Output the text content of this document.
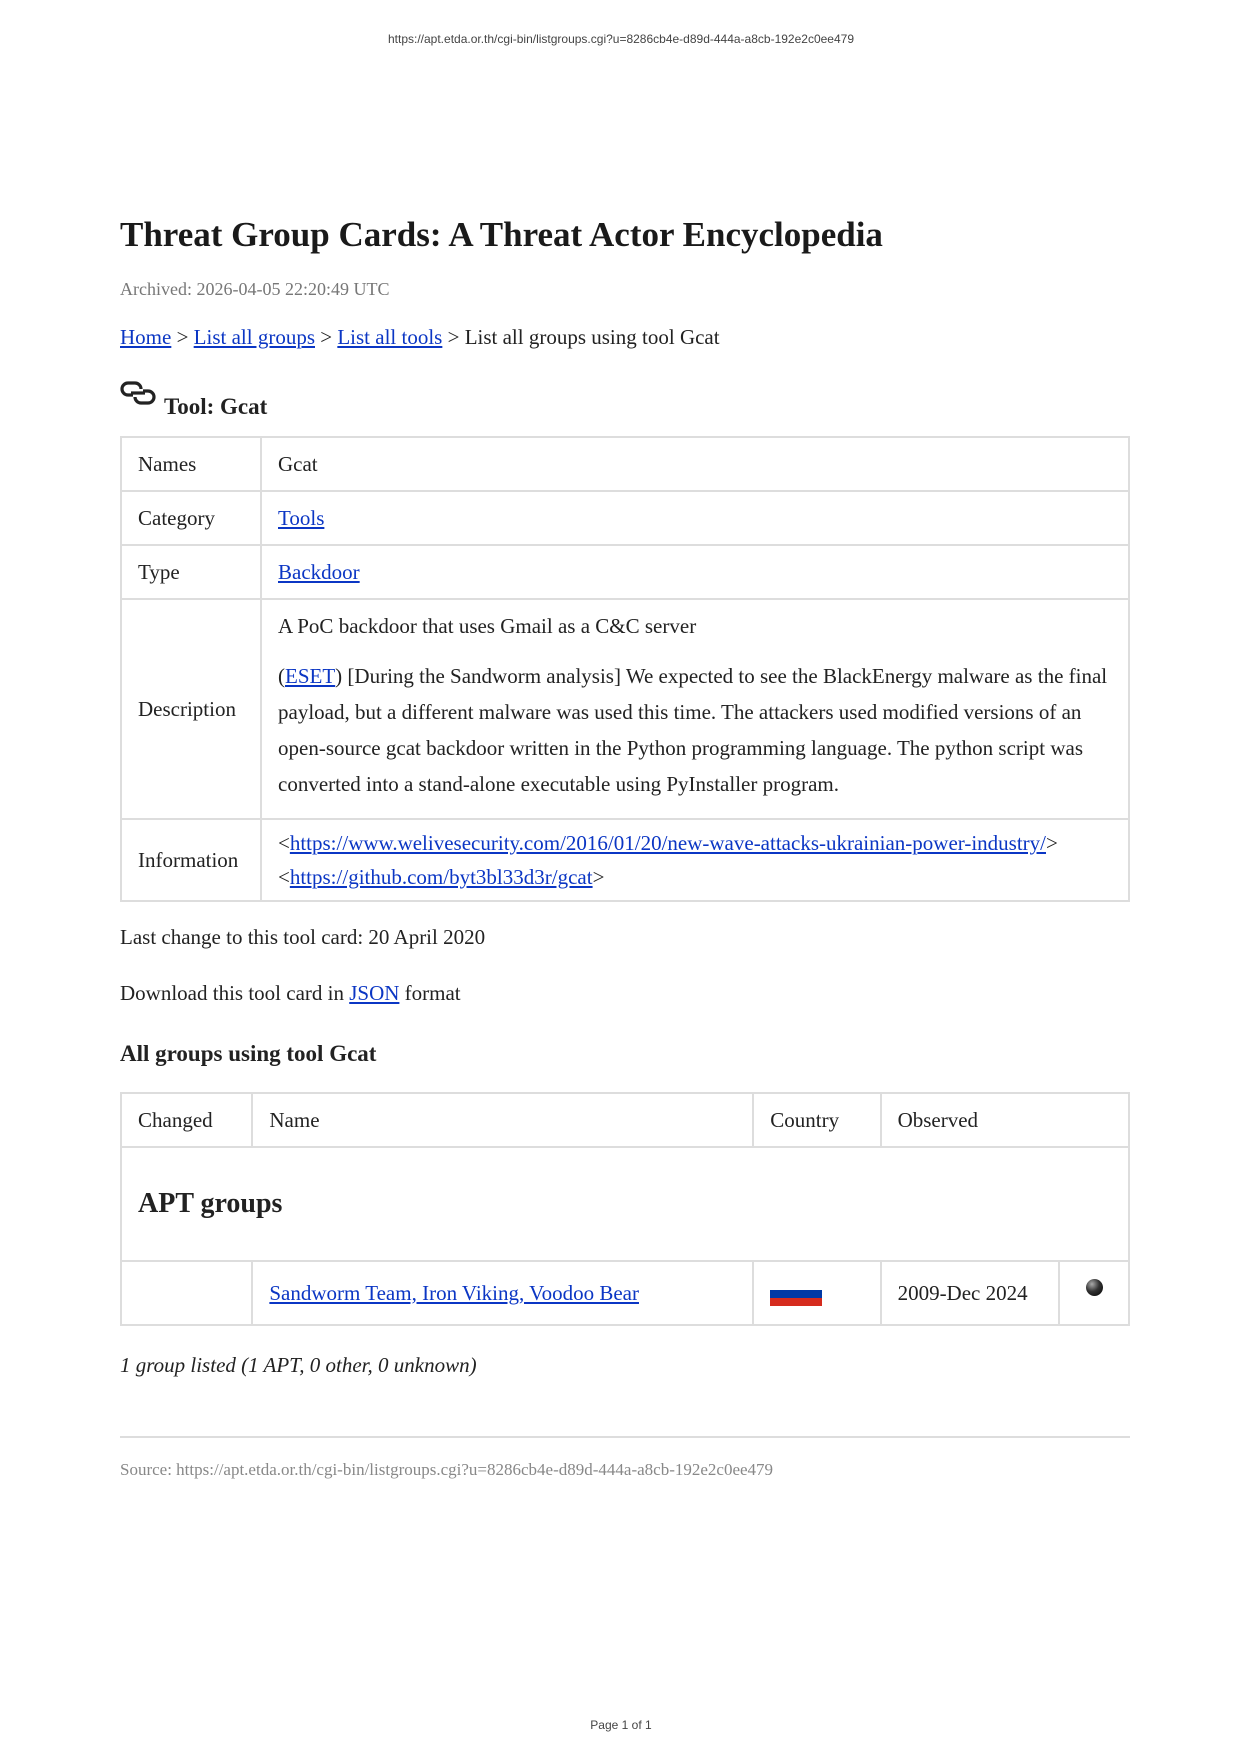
https://apt.etda.or.th/cgi-bin/listgroups.cgi?u=8286cb4e-d89d-444a-a8cb-192e2c0ee479
Threat Group Cards: A Threat Actor Encyclopedia
Archived: 2026-04-05 22:20:49 UTC
Home > List all groups > List all tools > List all groups using tool Gcat
Tool: Gcat
Names	Gcat
Category	Tools
Type	Backdoor
Description	A PoC backdoor that uses Gmail as a C&C server

(ESET) [During the Sandworm analysis] We expected to see the BlackEnergy malware as the final payload, but a different malware was used this time. The attackers used modified versions of an open-source gcat backdoor written in the Python programming language. The python script was converted into a stand-alone executable using PyInstaller program.

Information	<https://www.welivesecurity.com/2016/01/20/new-wave-attacks-ukrainian-power-industry/>
<https://github.com/byt3bl33d3r/gcat>
Last change to this tool card: 20 April 2020
Download this tool card in JSON format
All groups using tool Gcat
Changed	Name	Country	Observed	
APT groups				
	Sandworm Team, Iron Viking, Voodoo Bear		2009-Dec 2024	
1 group listed (1 APT, 0 other, 0 unknown)
Source: https://apt.etda.or.th/cgi-bin/listgroups.cgi?u=8286cb4e-d89d-444a-a8cb-192e2c0ee479
Page 1 of 1
